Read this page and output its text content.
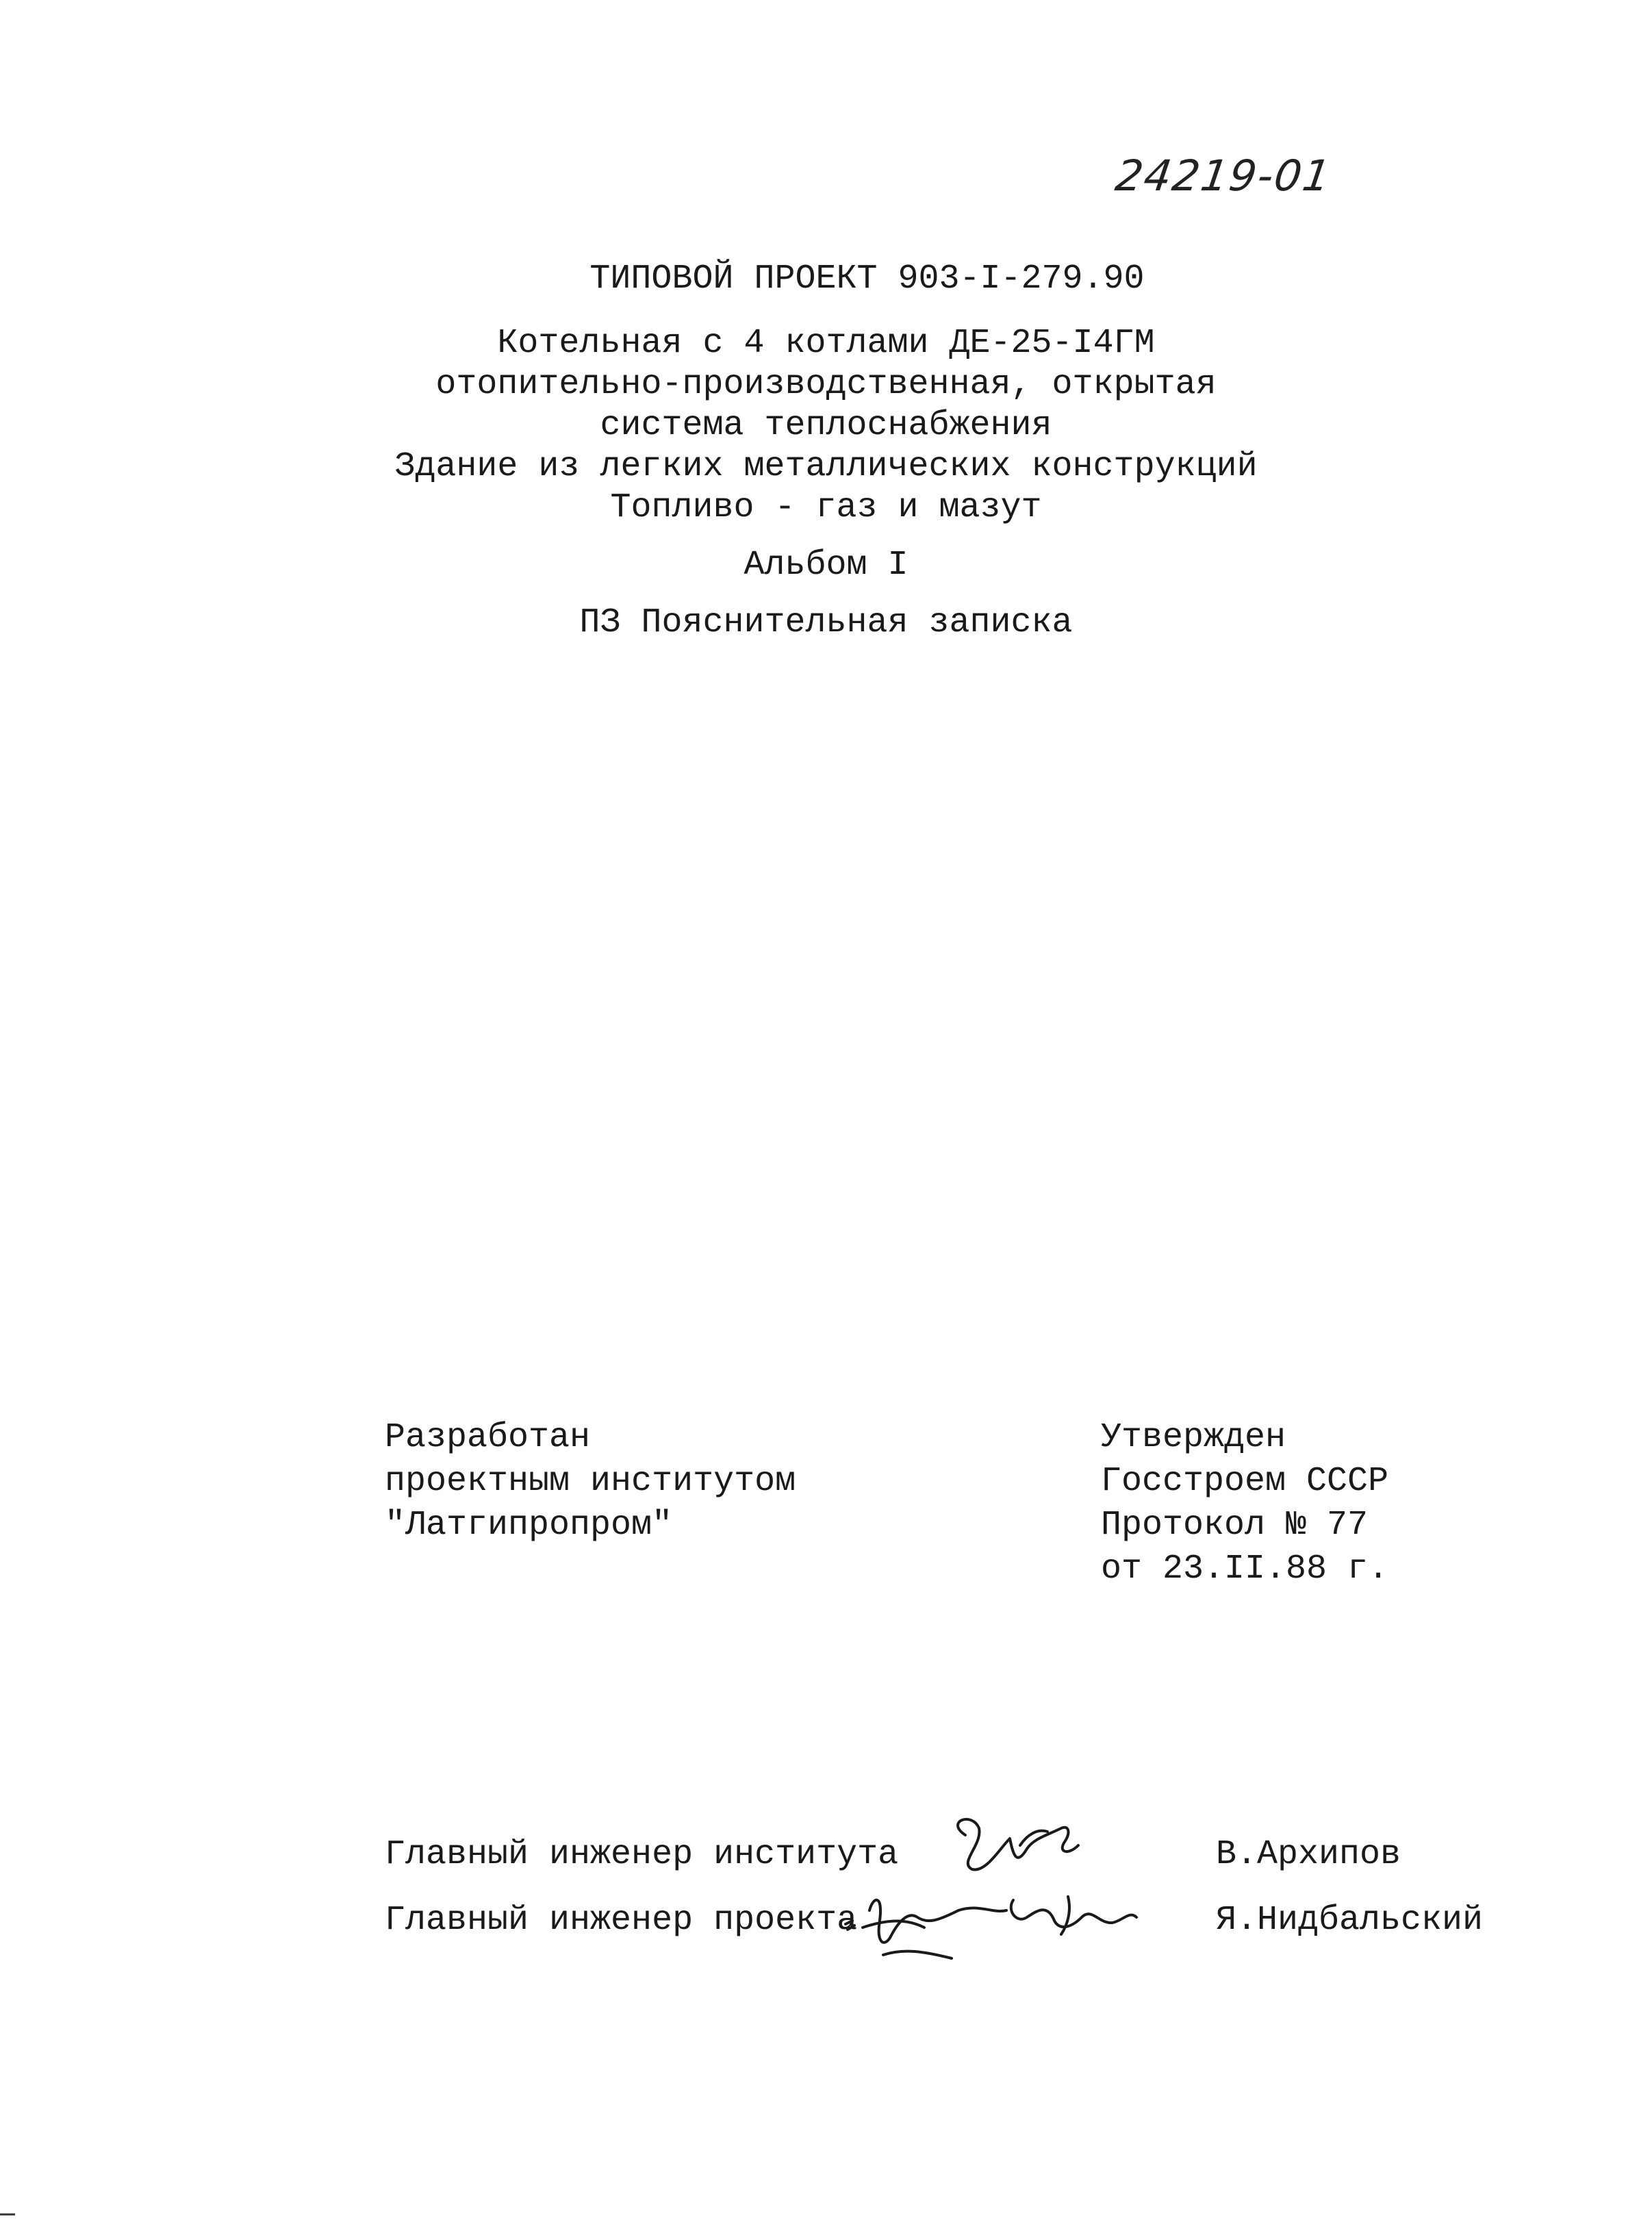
24219-01
ТИПОВОЙ ПРОЕКТ 903-I-279.90
Котельная с 4 котлами ДЕ-25-I4ГМ
отопительно-производственная, открытая
система теплоснабжения
Здание из легких металлических конструкций
Топливо - газ и мазут
Альбом I
ПЗ Пояснительная записка
Разработан
проектным институтом
"Латгипропром"
Утвержден
Госстроем СССР
Протокол № 77
от 23.II.88 г.
Главный инженер института	В.Архипов
Главный инженер проекта	Я.Нидбальский
